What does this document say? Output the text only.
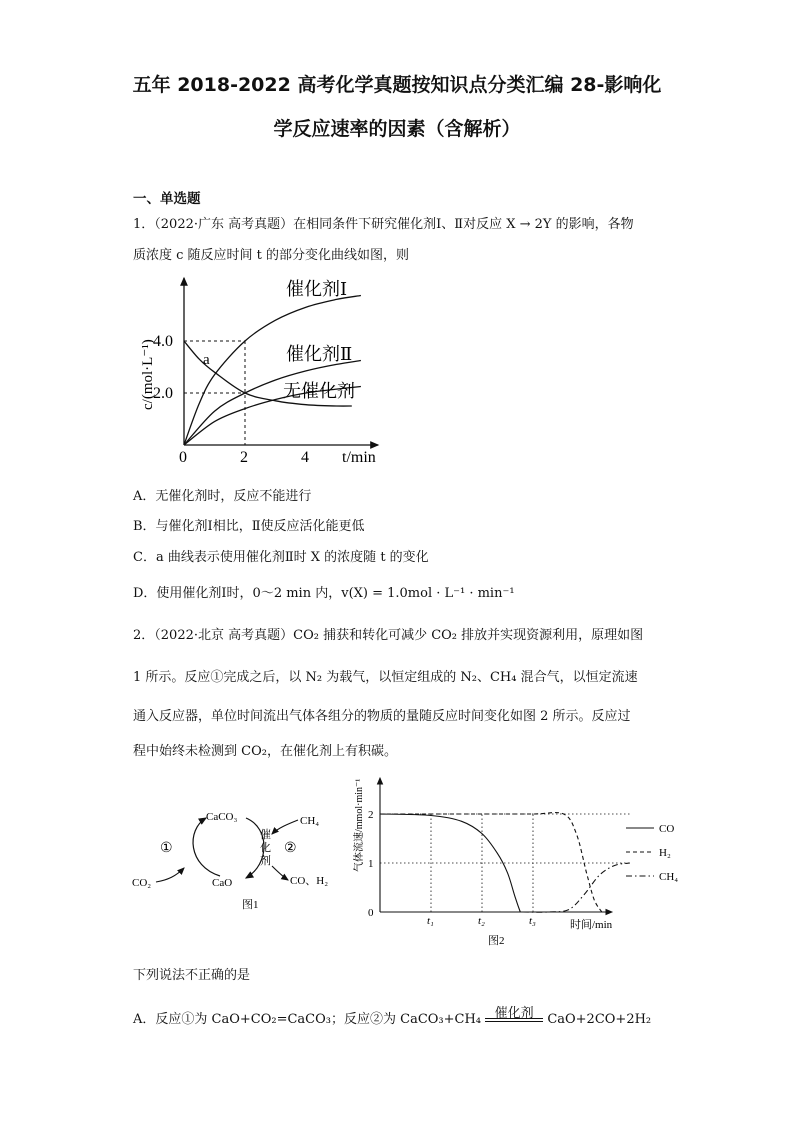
五年 2018-2022 高考化学真题按知识点分类汇编 28-影响化
学反应速率的因素（含解析）
一、单选题
1．（2022·广东 高考真题）在相同条件下研究催化剂Ⅰ、Ⅱ对反应 X → 2Y 的影响，各物
质浓度 c 随反应时间 t 的部分变化曲线如图，则
0	2	4
2.0
4.0
t/min
c/(mol·L⁻¹)
催化剂Ⅰ
催化剂Ⅱ
无催化剂
a
A．无催化剂时，反应不能进行
B．与催化剂Ⅰ相比，Ⅱ使反应活化能更低
C．a 曲线表示使用催化剂Ⅱ时 X 的浓度随 t 的变化
D．使用催化剂Ⅰ时，0～2 min 内，v(X) = 1.0mol · L⁻¹ · min⁻¹
2．（2022·北京 高考真题）CO₂ 捕获和转化可减少 CO₂ 排放并实现资源利用，原理如图
1 所示。反应①完成之后，以 N₂ 为载气，以恒定组成的 N₂、CH₄ 混合气，以恒定流速
通入反应器，单位时间流出气体各组分的物质的量随反应时间变化如图 2 所示。反应过
程中始终未检测到 CO₂，在催化剂上有积碳。
CaCO₃
CaO
CO₂
CH₄
CO、H₂
①	②
催
化
剂
图1
0
1
2
t₁	t₂	t₃
CO
H₂
CH₄
时间/min
气体流速/mmol·min⁻¹
图2
下列说法不正确的是
A．反应①为 CaO+CO₂=CaCO₃；反应②为 CaCO₃+CH₄	催化剂	CaO+2CO+2H₂
